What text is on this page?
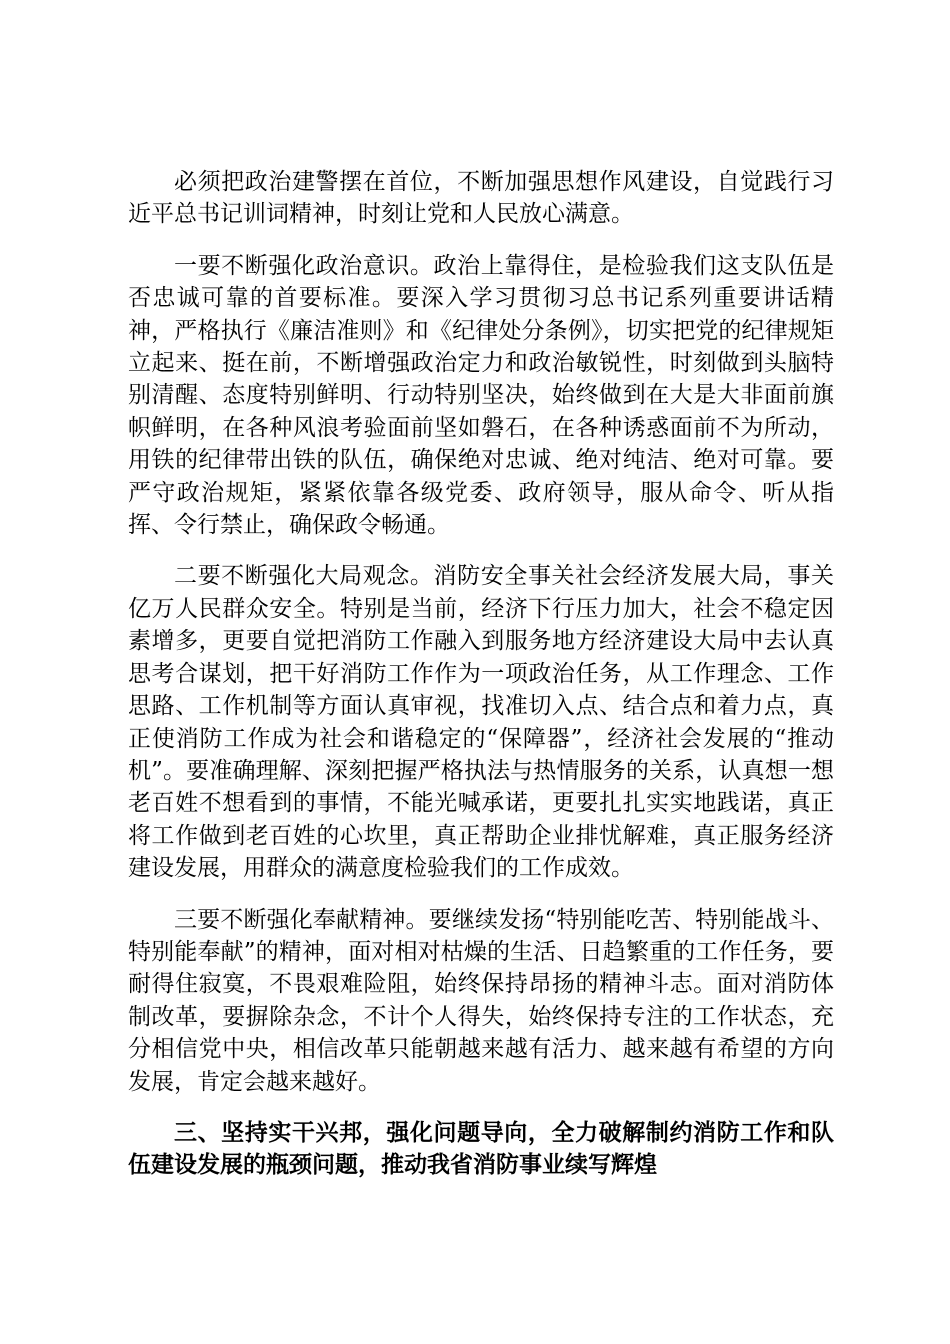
必须把政治建警摆在首位，不断加强思想作风建设，自觉践行习近平总书记训词精神，时刻让党和人民放心满意。

一要不断强化政治意识。政治上靠得住，是检验我们这支队伍是否忠诚可靠的首要标准。要深入学习贯彻习总书记系列重要讲话精神，严格执行《廉洁准则》和《纪律处分条例》，切实把党的纪律规矩立起来、挺在前，不断增强政治定力和政治敏锐性，时刻做到头脑特别清醒、态度特别鲜明、行动特别坚决，始终做到在大是大非面前旗帜鲜明，在各种风浪考验面前坚如磐石，在各种诱惑面前不为所动，用铁的纪律带出铁的队伍，确保绝对忠诚、绝对纯洁、绝对可靠。要严守政治规矩，紧紧依靠各级党委、政府领导，服从命令、听从指挥、令行禁止，确保政令畅通。

二要不断强化大局观念。消防安全事关社会经济发展大局，事关亿万人民群众安全。特别是当前，经济下行压力加大，社会不稳定因素增多，更要自觉把消防工作融入到服务地方经济建设大局中去认真思考合谋划，把干好消防工作作为一项政治任务，从工作理念、工作思路、工作机制等方面认真审视，找准切入点、结合点和着力点，真正使消防工作成为社会和谐稳定的“保障器”，经济社会发展的“推动机”。要准确理解、深刻把握严格执法与热情服务的关系，认真想一想老百姓不想看到的事情，不能光喊承诺，更要扎扎实实地践诺，真正将工作做到老百姓的心坎里，真正帮助企业排忧解难，真正服务经济建设发展，用群众的满意度检验我们的工作成效。

三要不断强化奉献精神。要继续发扬“特别能吃苦、特别能战斗、特别能奉献”的精神，面对相对枯燥的生活、日趋繁重的工作任务，要耐得住寂寞，不畏艰难险阻，始终保持昂扬的精神斗志。面对消防体制改革，要摒除杂念，不计个人得失，始终保持专注的工作状态，充分相信党中央，相信改革只能朝越来越有活力、越来越有希望的方向发展，肯定会越来越好。

三、坚持实干兴邦，强化问题导向，全力破解制约消防工作和队伍建设发展的瓶颈问题，推动我省消防事业续写辉煌
